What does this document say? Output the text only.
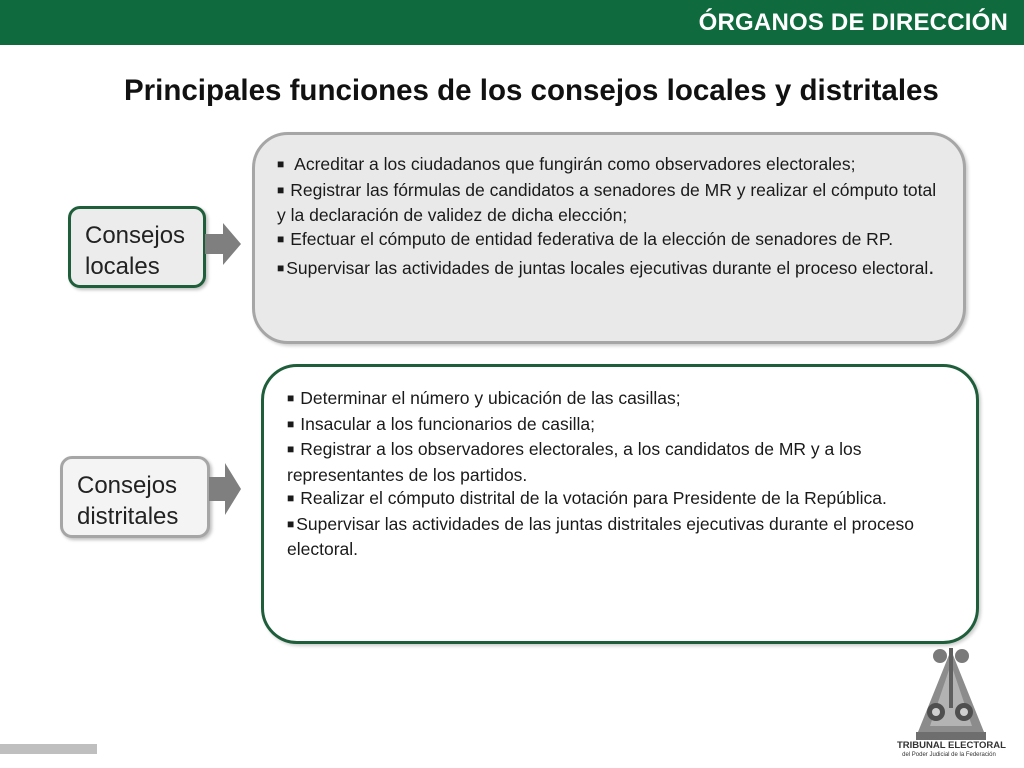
ÓRGANOS DE DIRECCIÓN
Principales funciones de los consejos locales y distritales
Consejos
locales
■ Acreditar a los ciudadanos que fungirán como observadores electorales;
■ Registrar las fórmulas de candidatos a senadores de MR y realizar el cómputo total y la declaración de validez de dicha elección;
■ Efectuar el cómputo de entidad federativa de la elección de senadores de RP.
■ Supervisar las actividades de juntas locales ejecutivas durante el proceso electoral.
Consejos
distritales
■ Determinar el número y ubicación de las casillas;
■ Insacular a los funcionarios de casilla;
■ Registrar a los observadores electorales, a los candidatos de MR y a los representantes de los partidos.
■ Realizar el cómputo distrital de la votación para Presidente de la República.
■ Supervisar las actividades de las juntas distritales ejecutivas durante el proceso electoral.
TRIBUNAL ELECTORAL
del Poder Judicial de la Federación
